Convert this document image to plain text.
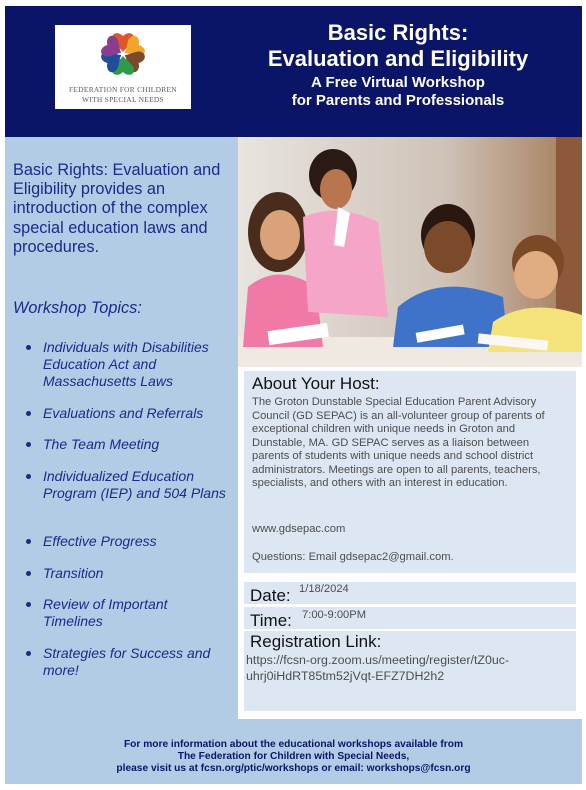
FEDERATION FOR CHILDREN
WITH SPECIAL NEEDS
Basic Rights:
Evaluation and Eligibility
A Free Virtual Workshop
for Parents and Professionals

Basic Rights: Evaluation and Eligibility provides an introduction of the complex special education laws and procedures.

Workshop Topics:

Individuals with Disabilities Education Act and Massachusetts Laws
Evaluations and Referrals
The Team Meeting
Individualized Education Program (IEP) and 504 Plans
Effective Progress
Transition
Review of Important Timelines
Strategies for Success and more!
About Your Host:

The Groton Dunstable Special Education Parent Advisory Council (GD SEPAC) is an all-volunteer group of parents of exceptional children with unique needs in Groton and Dunstable, MA. GD SEPAC serves as a liaison between parents of students with unique needs and school district administrators. Meetings are open to all parents, teachers, specialists, and others with an interest in education.

www.gdsepac.com
Questions: Email gdsepac2@gmail.com.
Date: 1/18/2024
Time: 7:00-9:00PM
Registration Link:

https://fcsn-org.zoom.us/meeting/register/tZ0uc-uhrj0iHdRT85tm52jVqt-EFZ7DH2h2

For more information about the educational workshops available from
The Federation for Children with Special Needs,
please visit us at fcsn.org/ptic/workshops or email: workshops@fcsn.org
